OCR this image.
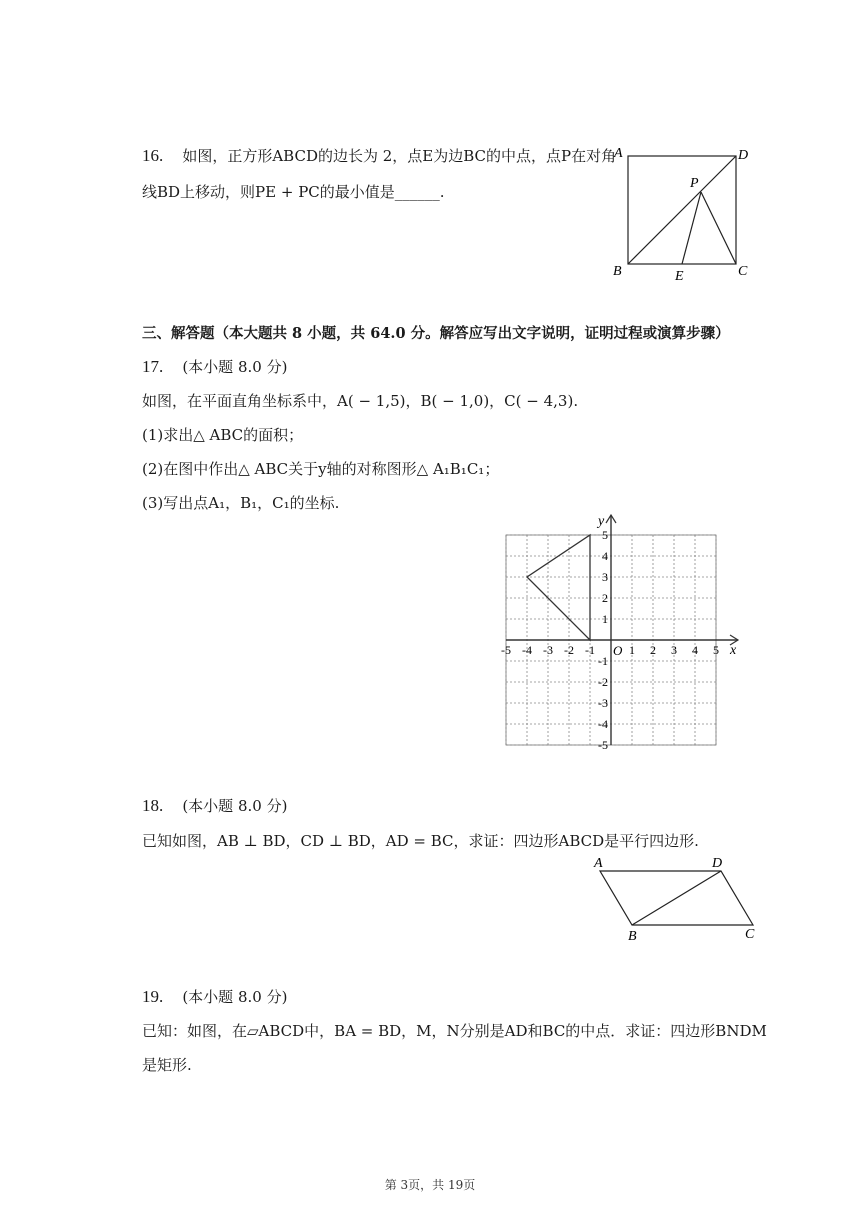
16. 如图，正方形ABCD的边长为 2，点E为边BC的中点，点P在对角
线BD上移动，则PE + PC的最小值是______.
A	D
P
B	E	C
三、解答题（本大题共 8 小题，共 64.0 分。解答应写出文字说明，证明过程或演算步骤）
17. (本小题 8.0 分)
如图，在平面直角坐标系中，A( − 1,5)，B( − 1,0)，C( − 4,3).
(1)求出△ ABC的面积；
(2)在图中作出△ ABC关于y轴的对称图形△ A₁B₁C₁；
(3)写出点A₁，B₁，C₁的坐标.
x
y
O
-5 -4 -3 -2 -1	1 2 3 4 5
5
4
3
2
1
-1
-2
-3
-4
-5
18. (本小题 8.0 分)
已知如图，AB ⊥ BD，CD ⊥ BD，AD = BC，求证：四边形ABCD是平行四边形.
A	D
B	C
19. (本小题 8.0 分)
已知：如图，在▱ABCD中，BA = BD，M，N分别是AD和BC的中点．求证：四边形BNDM
是矩形.
第 3页，共 19页
